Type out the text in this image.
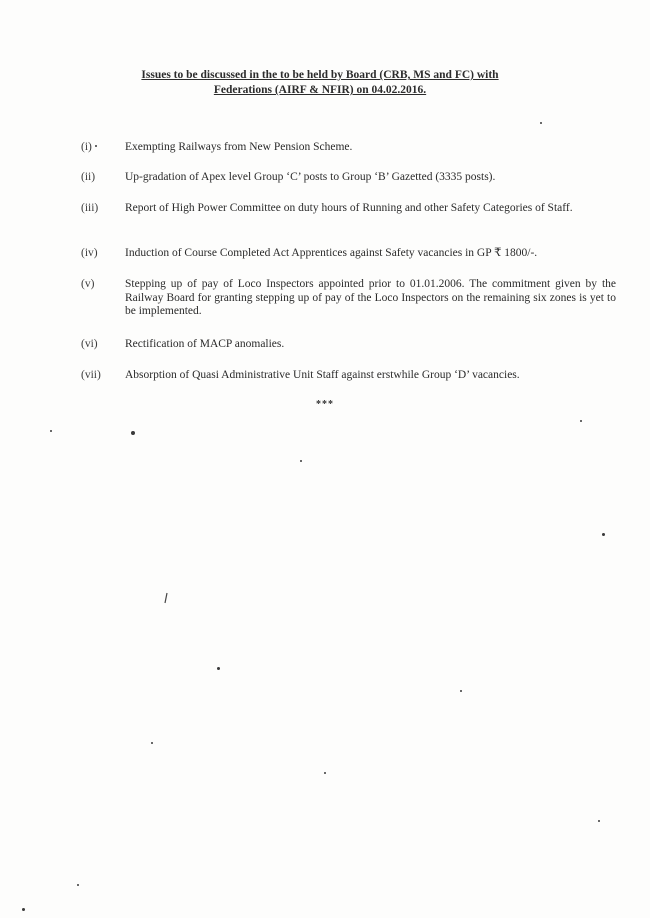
Issues to be discussed in the to be held by Board (CRB, MS and FC) with
Federations (AIRF & NFIR) on 04.02.2016.
(i)	Exempting Railways from New Pension Scheme.
(ii)	Up-gradation of Apex level Group ‘C’ posts to Group ‘B’ Gazetted (3335 posts).
(iii) Report of High Power Committee on duty hours of Running and other Safety Categories of Staff.
(iv) Induction of Course Completed Act Apprentices against Safety vacancies in GP ₹ 1800/-.
(v)	Stepping up of pay of Loco Inspectors appointed prior to 01.01.2006. The commitment given by the Railway Board for granting stepping up of pay of the Loco Inspectors on the remaining six zones is yet to be implemented.
(vi) Rectification of MACP anomalies.
(vii) Absorption of Quasi Administrative Unit Staff against erstwhile Group ‘D’ vacancies.
***
